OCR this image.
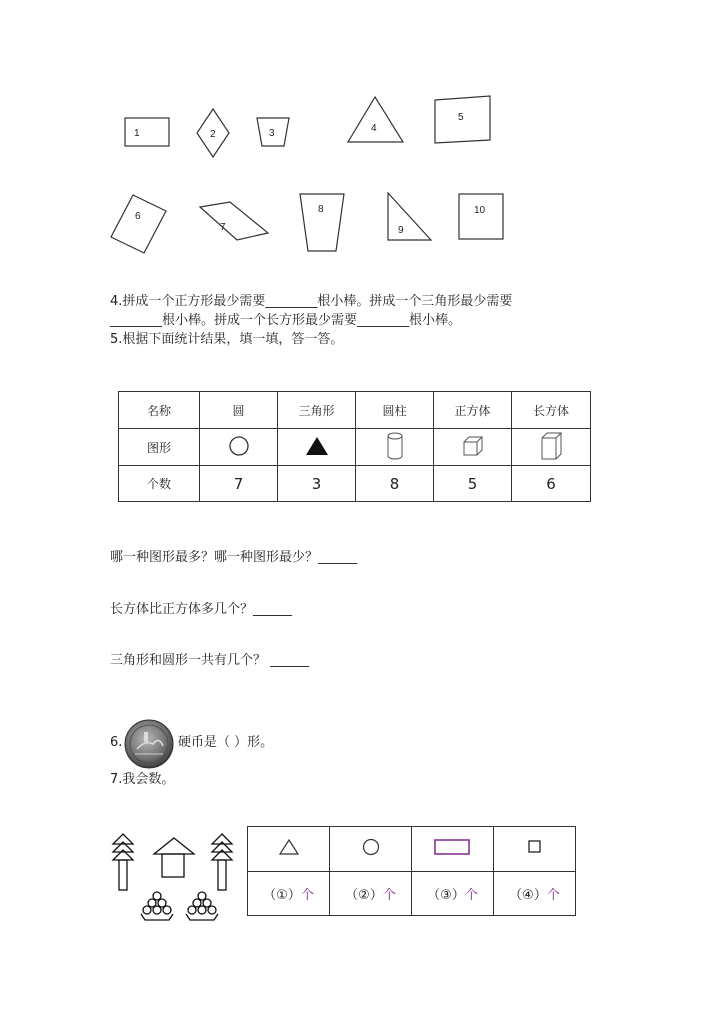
1	2	3	4
5
6
7
8
9
10
4.拼成一个正方形最少需要________根小棒。拼成一个三角形最少需要
________根小棒。拼成一个长方形最少需要________根小棒。
5.根据下面统计结果，填一填，答一答。
名称	圆	三角形	圆柱	正方体	长方体
图形					
个数	7	3	8	5	6
哪一种图形最多？哪一种图形最少？______
长方体比正方体多几个？______
三角形和圆形一共有几个？ ______
6.	硬币是（ ）形。
7.我会数。

（①）个	（②）个	（③）个	（④）个
